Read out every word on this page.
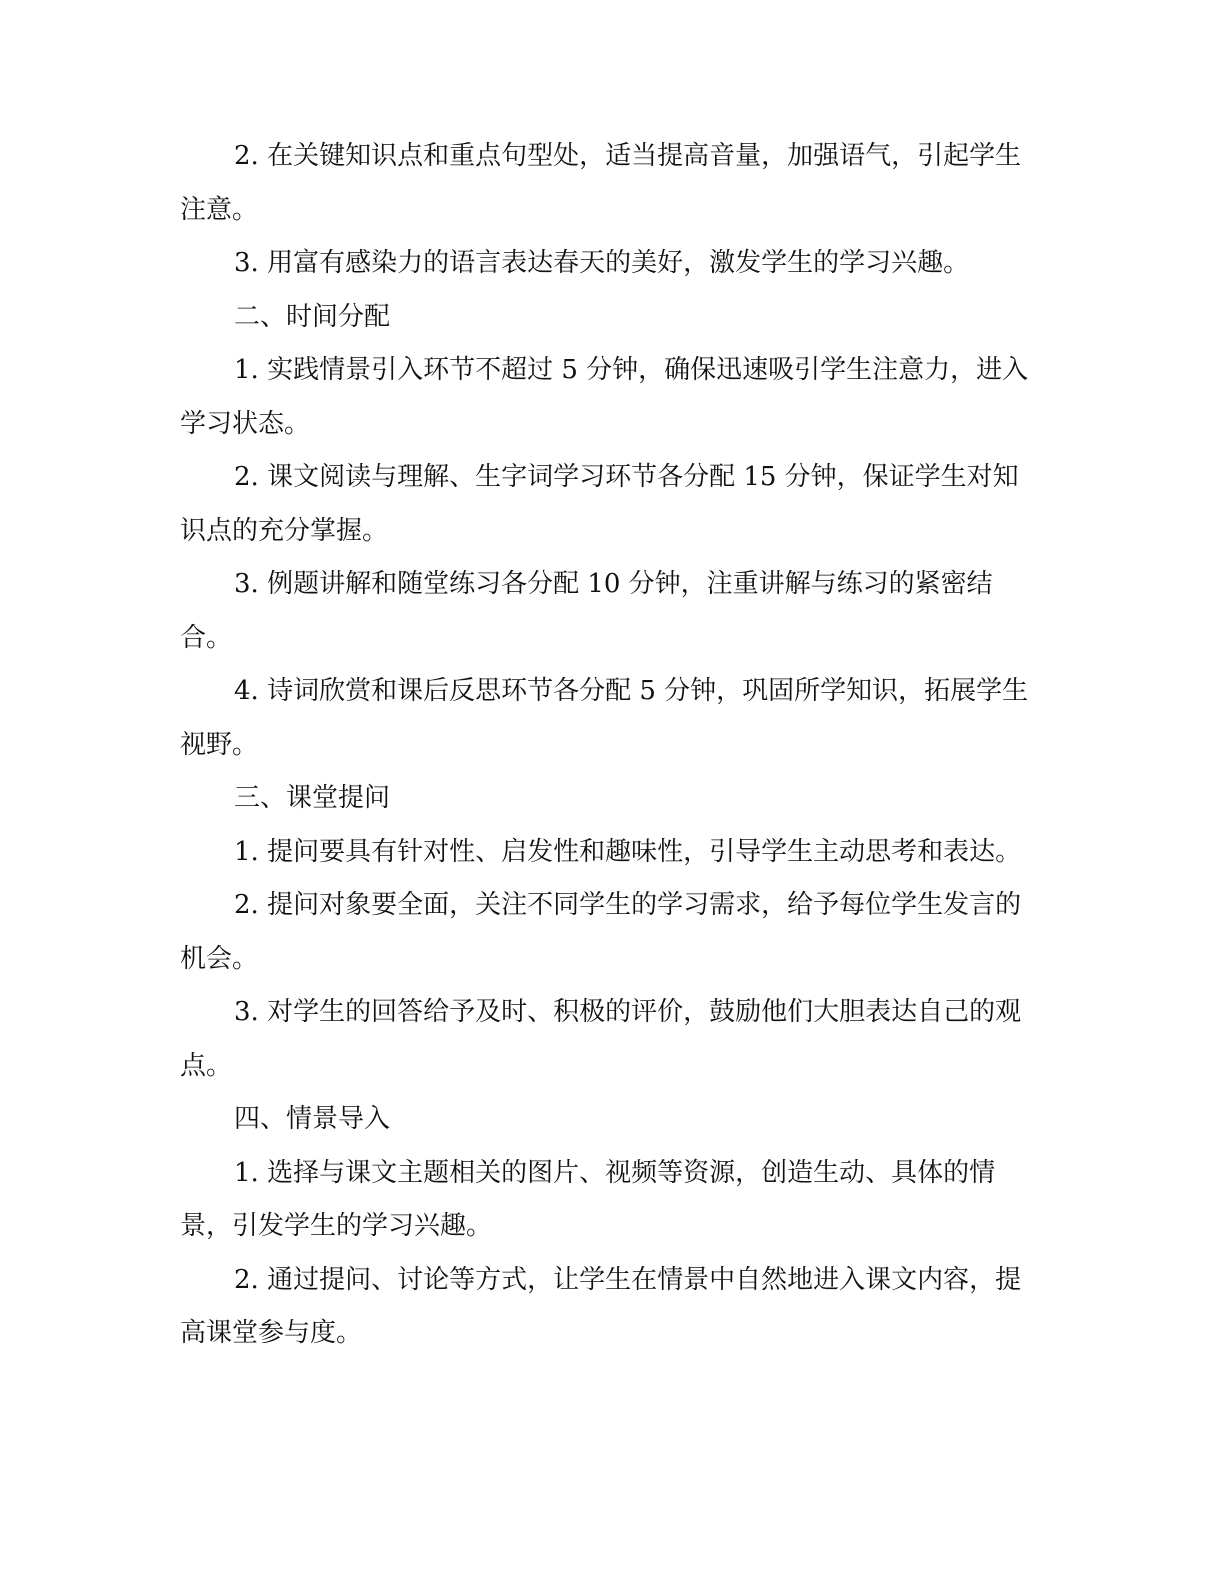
2. 在关键知识点和重点句型处，适当提高音量，加强语气，引起学生注意。

3. 用富有感染力的语言表达春天的美好，激发学生的学习兴趣。

二、时间分配

1. 实践情景引入环节不超过 5 分钟，确保迅速吸引学生注意力，进入学习状态。

2. 课文阅读与理解、生字词学习环节各分配 15 分钟，保证学生对知识点的充分掌握。

3. 例题讲解和随堂练习各分配 10 分钟，注重讲解与练习的紧密结合。

4. 诗词欣赏和课后反思环节各分配 5 分钟，巩固所学知识，拓展学生视野。

三、课堂提问

1. 提问要具有针对性、启发性和趣味性，引导学生主动思考和表达。

2. 提问对象要全面，关注不同学生的学习需求，给予每位学生发言的机会。

3. 对学生的回答给予及时、积极的评价，鼓励他们大胆表达自己的观点。

四、情景导入

1. 选择与课文主题相关的图片、视频等资源，创造生动、具体的情景，引发学生的学习兴趣。

2. 通过提问、讨论等方式，让学生在情景中自然地进入课文内容，提高课堂参与度。
